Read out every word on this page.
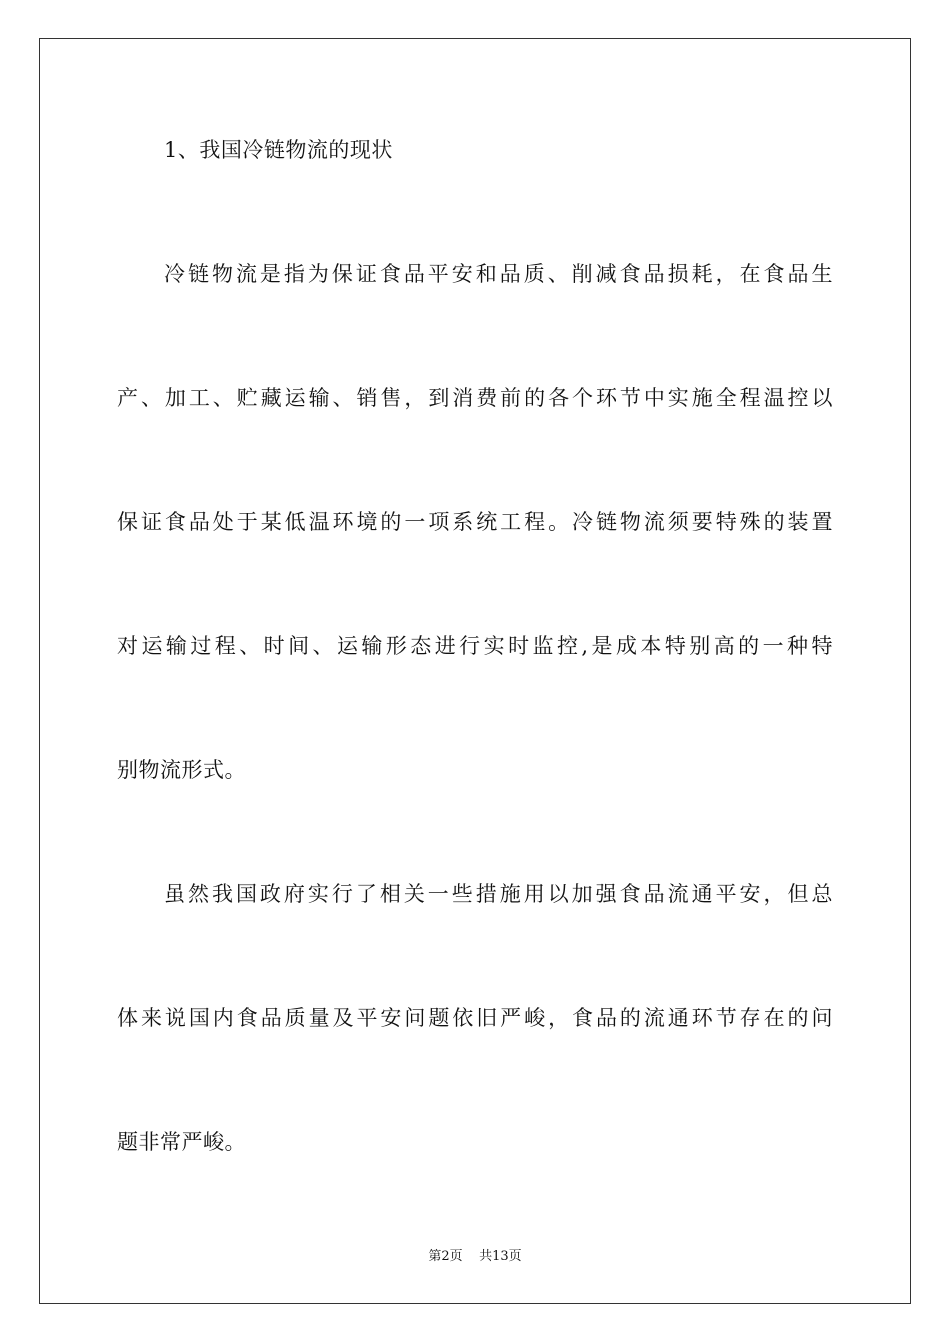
1、我国冷链物流的现状
冷链物流是指为保证食品平安和品质、削减食品损耗，在食品生
产、加工、贮藏运输、销售，到消费前的各个环节中实施全程温控以
保证食品处于某低温环境的一项系统工程。冷链物流须要特殊的装置
对运输过程、时间、运输形态进行实时监控,是成本特别高的一种特
别物流形式。
虽然我国政府实行了相关一些措施用以加强食品流通平安，但总
体来说国内食品质量及平安问题依旧严峻，食品的流通环节存在的问
题非常严峻。
第2页 共13页
